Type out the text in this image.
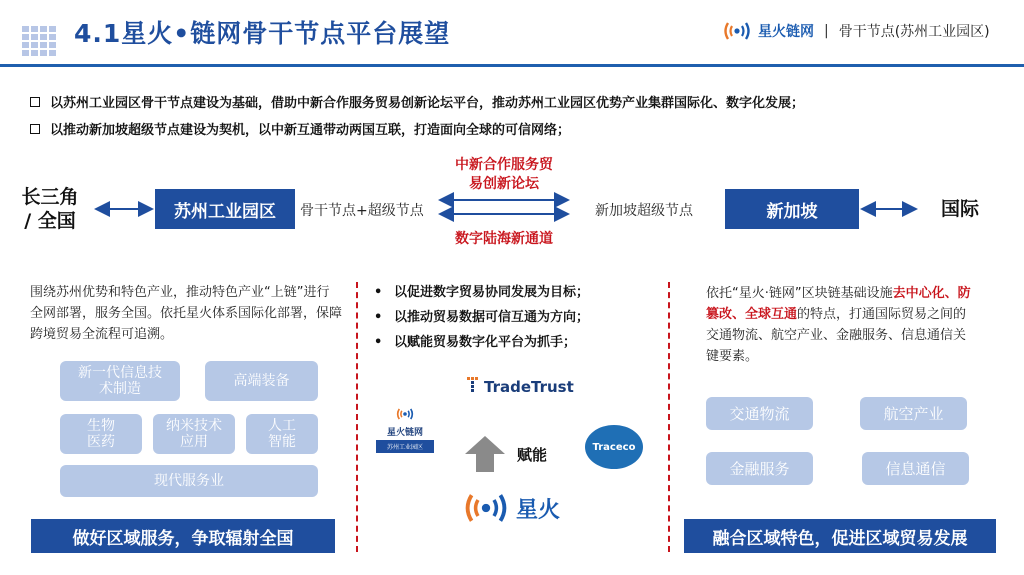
4.1星火•链网骨干节点平台展望	星火链网 | 骨干节点(苏州工业园区)
以苏州工业园区骨干节点建设为基础，借助中新合作服务贸易创新论坛平台，推动苏州工业园区优势产业集群国际化、数字化发展；
以推动新加坡超级节点建设为契机，以中新互通带动两国互联，打造面向全球的可信网络；
长三角
/ 全国	苏州工业园区	骨干节点+超级节点
中新合作服务贸
易创新论坛
数字陆海新通道
新加坡超级节点	新加坡	国际
围绕苏州优势和特色产业，推动特色产业“上链”进行全网部署，服务全国。依托星火体系国际化部署，保障跨境贸易全流程可追溯。
新一代信息技
术制造	高端装备
生物
医药
纳米技术
应用
人工
智能
现代服务业
做好区域服务，争取辐射全国
• 以促进数字贸易协同发展为目标；
• 以推动贸易数据可信互通为方向；
• 以赋能贸易数字化平台为抓手；
TradeTrust
星火链网
苏州工业园区	赋能	Traceco
星火
依托“星火·链网”区块链基础设施去中心化、防篡改、全球互通的特点，打通国际贸易之间的交通物流、航空产业、金融服务、信息通信关键要素。
交通物流	航空产业
金融服务	信息通信
融合区域特色，促进区域贸易发展
